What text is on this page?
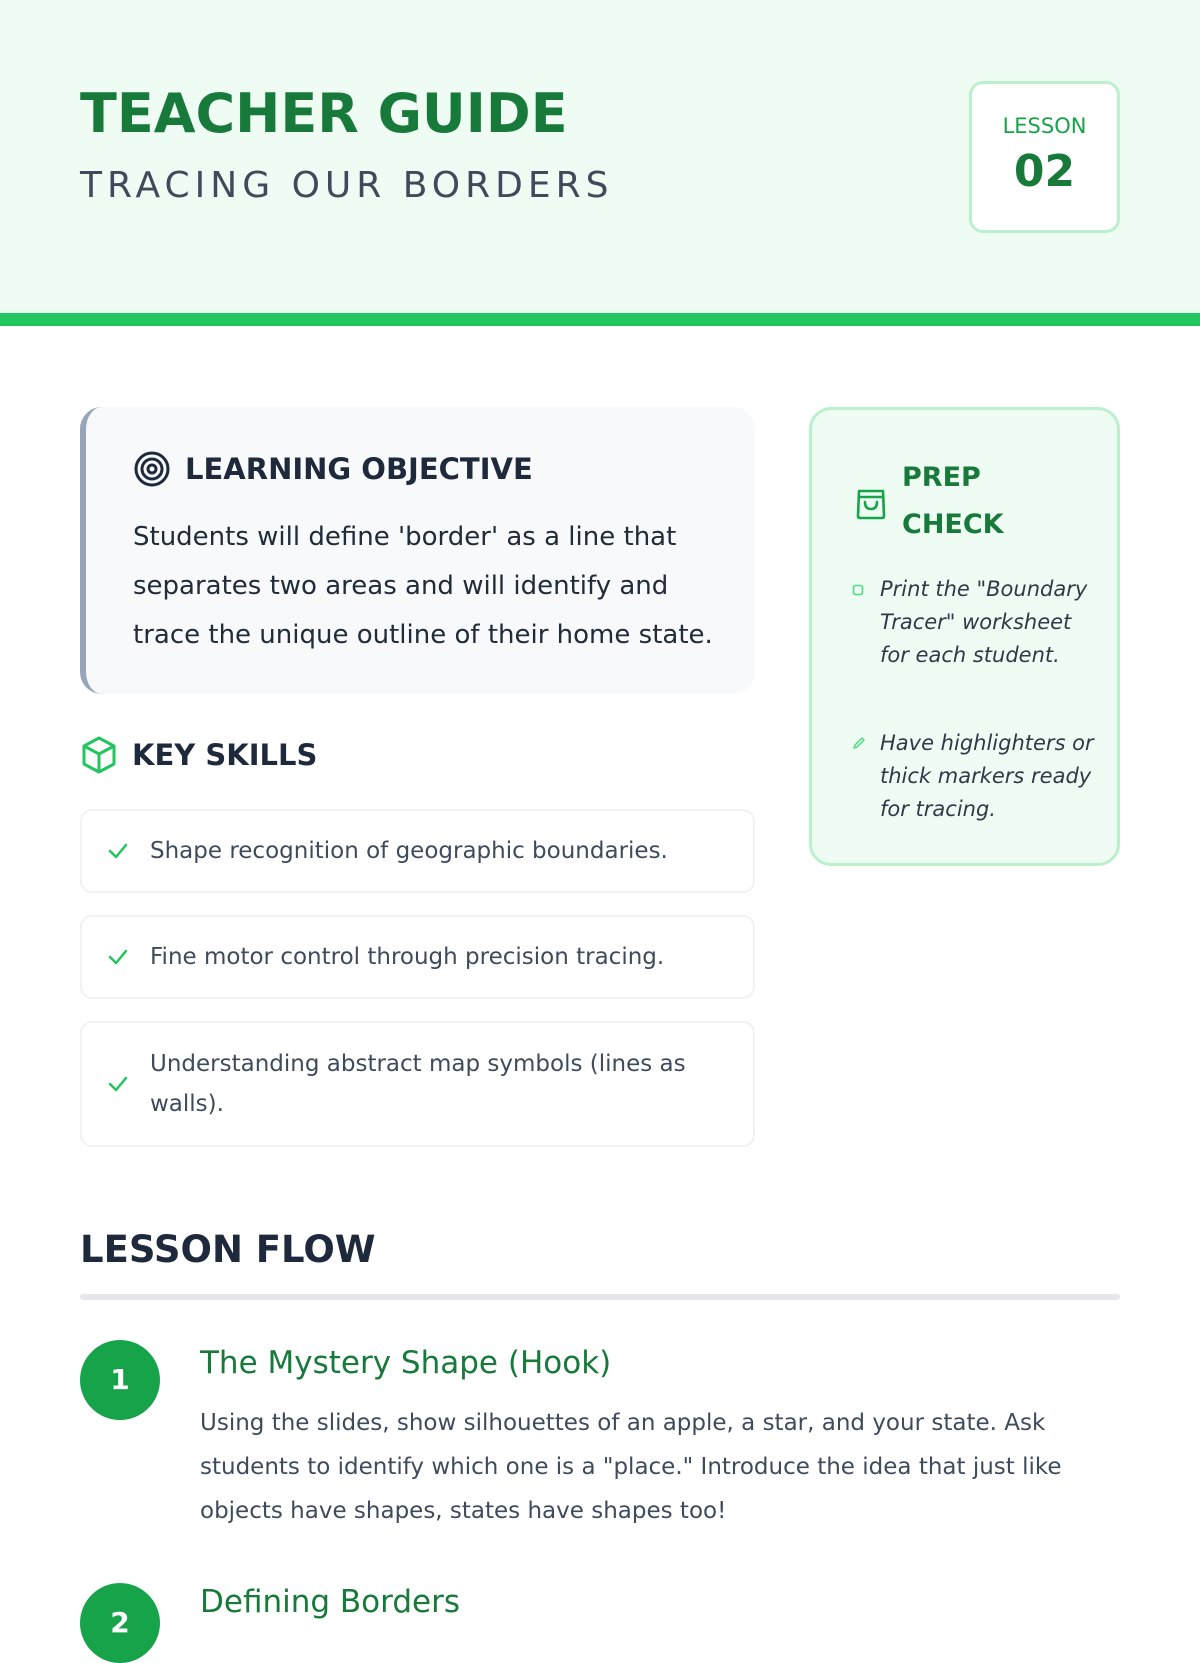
TEACHER GUIDE
TRACING OUR BORDERS
LESSON
02
LEARNING OBJECTIVE
Students will define 'border' as a line that separates two areas and will identify and trace the unique outline of their home state.
PREP CHECK
Print the "Boundary Tracer" worksheet for each student.
Have highlighters or thick markers ready for tracing.
KEY SKILLS
Shape recognition of geographic boundaries.
Fine motor control through precision tracing.
Understanding abstract map symbols (lines as walls).
LESSON FLOW
1	The Mystery Shape (Hook)
Using the slides, show silhouettes of an apple, a star, and your state. Ask students to identify which one is a "place." Introduce the idea that just like objects have shapes, states have shapes too!
2
Defining Borders
